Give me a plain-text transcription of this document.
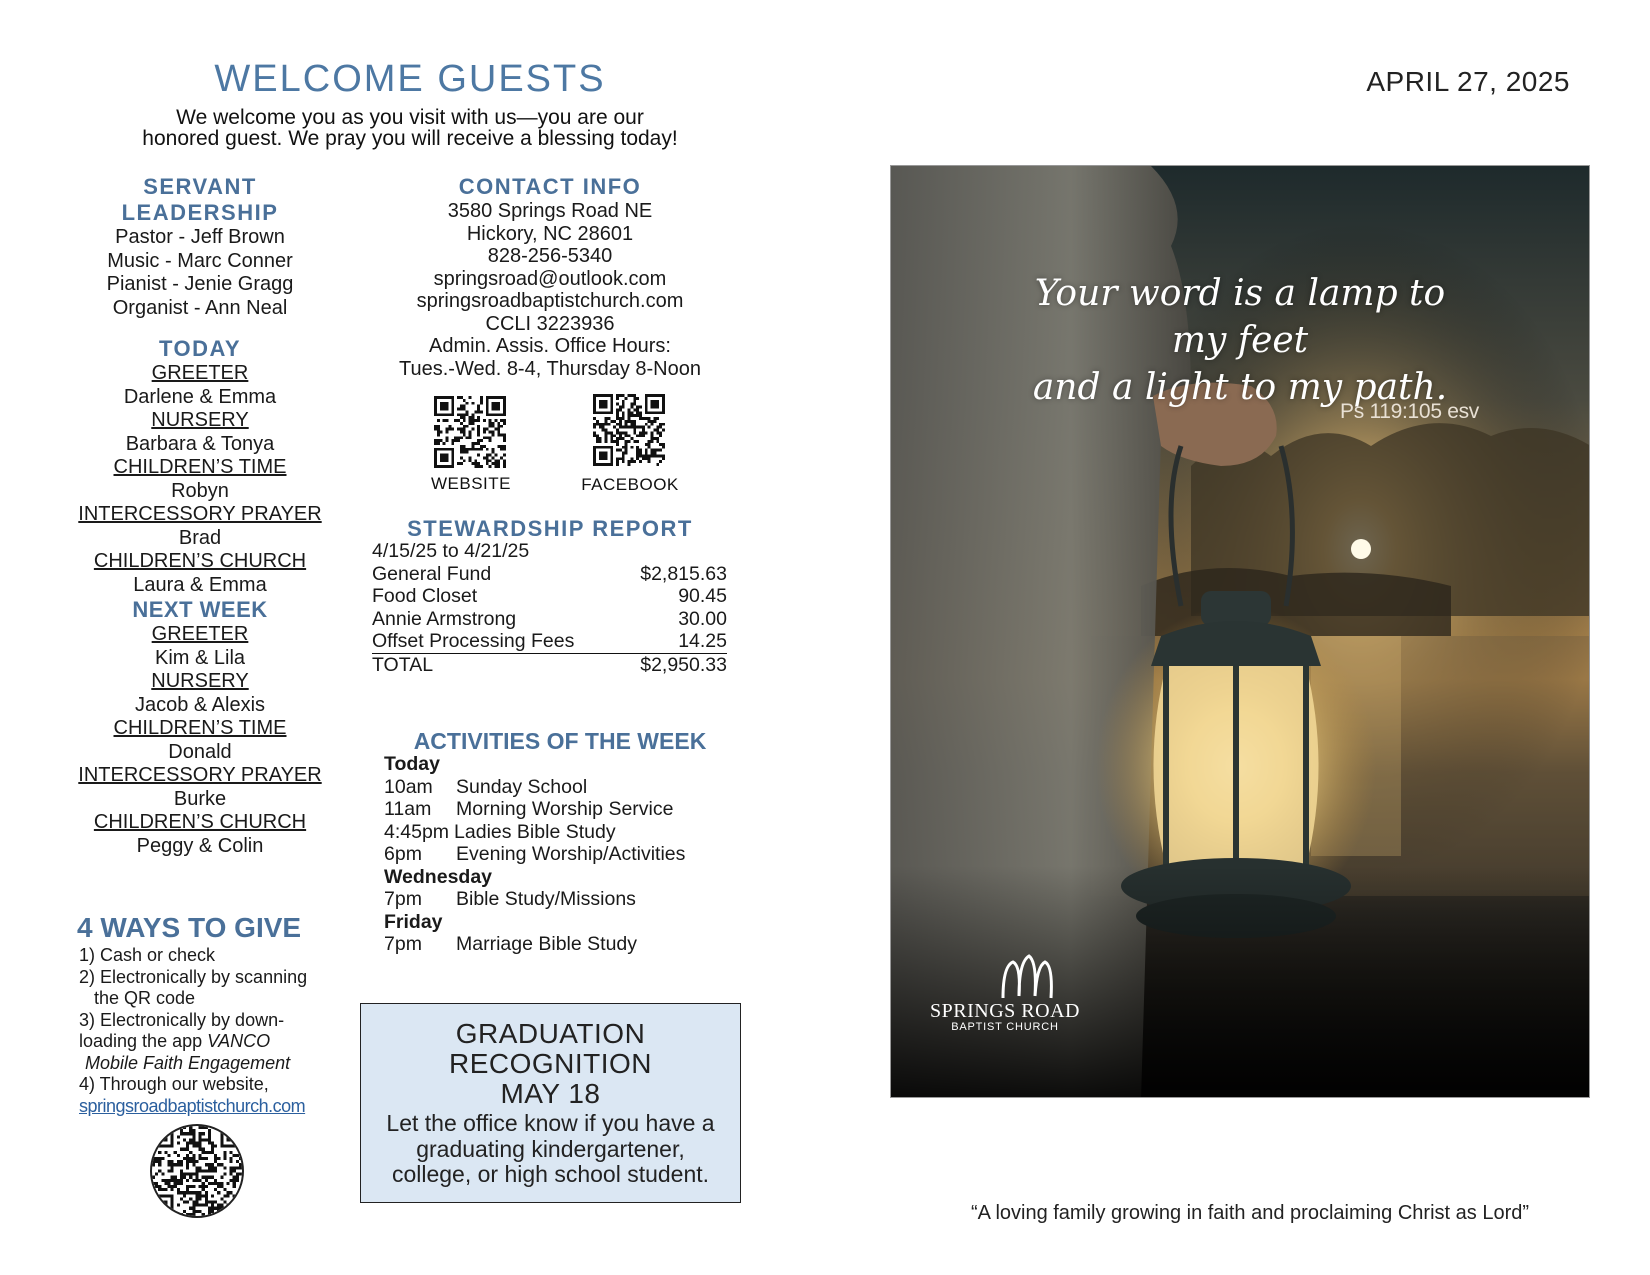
WELCOME GUESTS
We welcome you as you visit with us—you are our
honored guest. We pray you will receive a blessing today!
APRIL 27, 2025
SERVANT
LEADERSHIP
Pastor - Jeff Brown
Music - Marc Conner
Pianist - Jenie Gragg
Organist - Ann Neal
TODAY
GREETER
Darlene & Emma
NURSERY
Barbara & Tonya
CHILDREN’S TIME
Robyn
INTERCESSORY PRAYER
Brad
CHILDREN’S CHURCH
Laura & Emma
NEXT WEEK
GREETER
Kim & Lila
NURSERY
Jacob & Alexis
CHILDREN’S TIME
Donald
INTERCESSORY PRAYER
Burke
CHILDREN’S CHURCH
Peggy & Colin
CONTACT INFO
3580 Springs Road NE
Hickory, NC 28601
828-256-5340
springsroad@outlook.com
springsroadbaptistchurch.com
CCLI 3223936
Admin. Assis. Office Hours:
Tues.-Wed. 8-4, Thursday 8-Noon
WEBSITE	FACEBOOK
STEWARDSHIP REPORT
4/15/25 to 4/21/25
General Fund	$2,815.63
Food Closet	90.45
Annie Armstrong	30.00
Offset Processing Fees	14.25
TOTAL	$2,950.33
ACTIVITIES OF THE WEEK
Today
10am	Sunday School
11am	Morning Worship Service
4:45pm Ladies Bible Study
6pm	Evening Worship/Activities
Wednesday
7pm	Bible Study/Missions
Friday
7pm	Marriage Bible Study
4 WAYS TO GIVE
1) Cash or check
2) Electronically by scanning
the QR code
3) Electronically by down-
loading the app VANCO
Mobile Faith Engagement
4) Through our website,
springsroadbaptistchurch.com
GRADUATION
RECOGNITION
MAY 18
Let the office know if you have a
graduating kindergartener,
college, or high school student.
Your word is a lamp to my feet
and a light to my path.
Ps 119:105 esv
SPRINGS ROAD
BAPTIST CHURCH
“A loving family growing in faith and proclaiming Christ as Lord”
